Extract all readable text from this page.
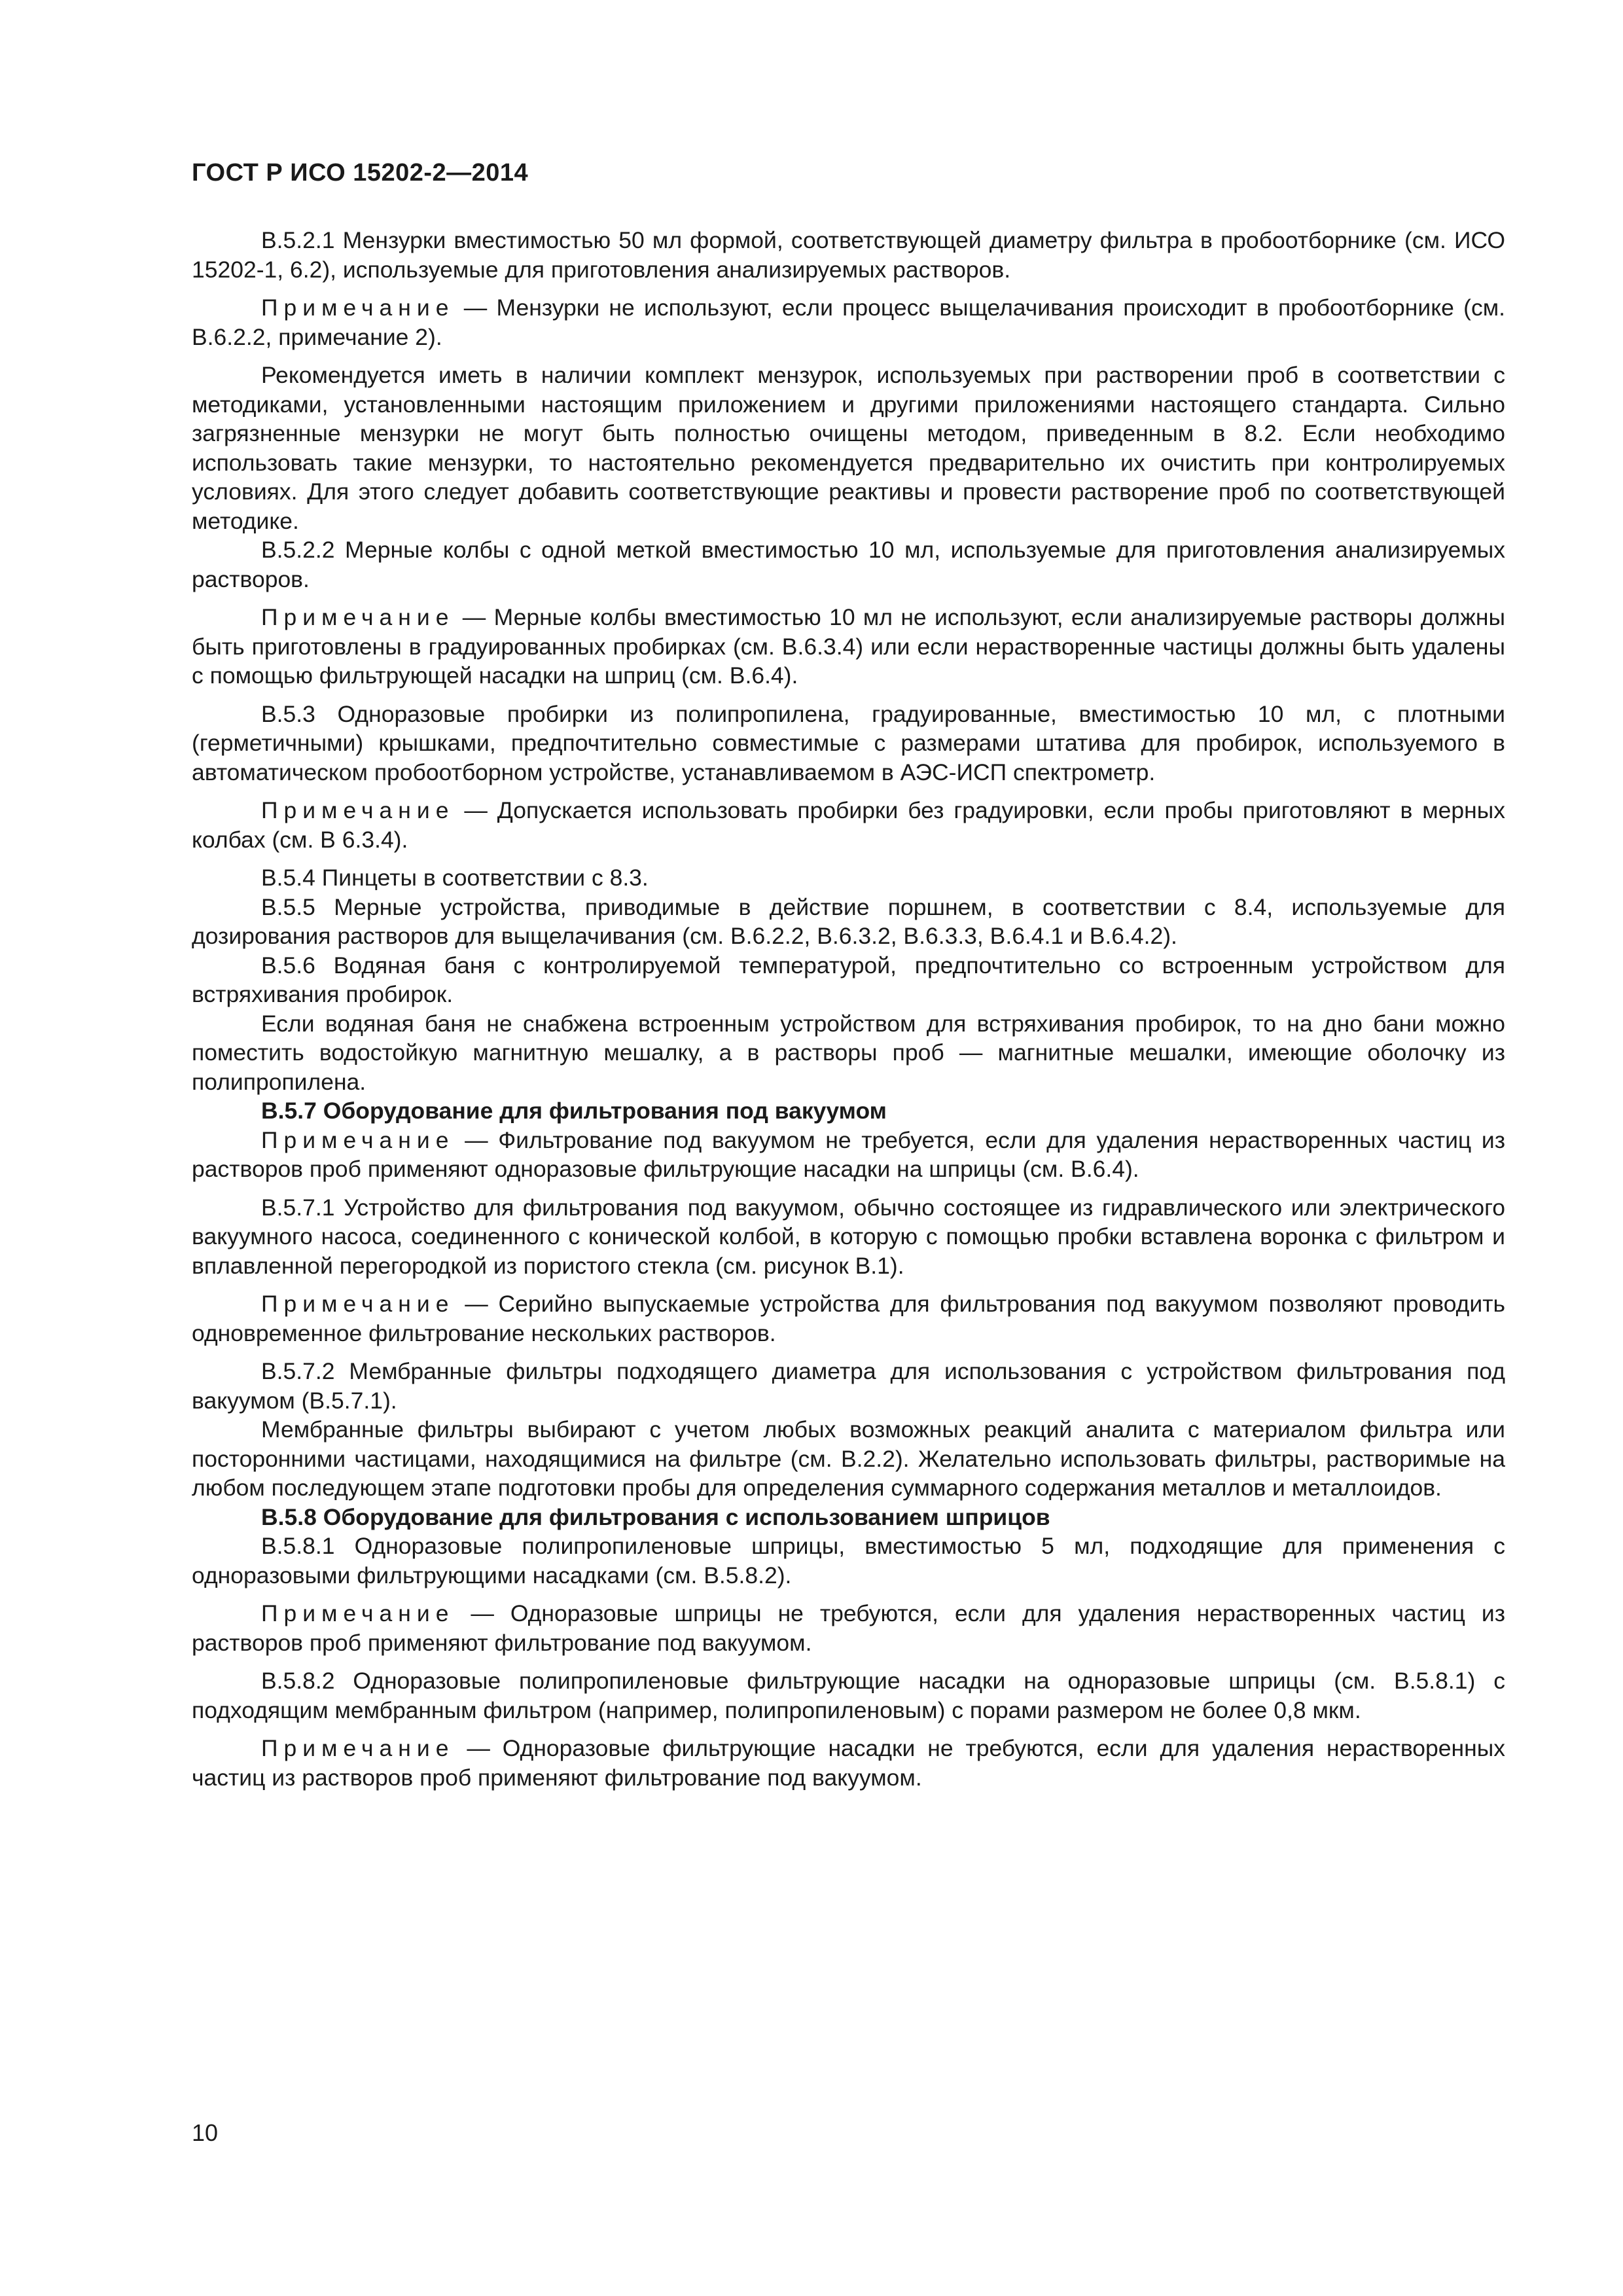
ГОСТ Р ИСО 15202-2—2014

В.5.2.1 Мензурки вместимостью 50 мл формой, соответствующей диаметру фильтра в пробоотборнике (см. ИСО 15202-1, 6.2), используемые для приготовления анализируемых растворов.

Примечание — Мензурки не используют, если процесс выщелачивания происходит в пробоотборнике (см. В.6.2.2, примечание 2).

Рекомендуется иметь в наличии комплект мензурок, используемых при растворении проб в соответствии с методиками, установленными настоящим приложением и другими приложениями настоящего стандарта. Сильно загрязненные мензурки не могут быть полностью очищены методом, приведенным в 8.2. Если необходимо использовать такие мензурки, то настоятельно рекомендуется предварительно их очистить при контролируемых условиях. Для этого следует добавить соответствующие реактивы и провести растворение проб по соответствующей методике.

В.5.2.2 Мерные колбы с одной меткой вместимостью 10 мл, используемые для приготовления анализируемых растворов.

Примечание — Мерные колбы вместимостью 10 мл не используют, если анализируемые растворы должны быть приготовлены в градуированных пробирках (см. В.6.3.4) или если нерастворенные частицы должны быть удалены с помощью фильтрующей насадки на шприц (см. В.6.4).

В.5.3 Одноразовые пробирки из полипропилена, градуированные, вместимостью 10 мл, с плотными (герметичными) крышками, предпочтительно совместимые с размерами штатива для пробирок, используемого в автоматическом пробоотборном устройстве, устанавливаемом в АЭС-ИСП спектрометр.

Примечание — Допускается использовать пробирки без градуировки, если пробы приготовляют в мерных колбах (см. В 6.3.4).

В.5.4 Пинцеты в соответствии с 8.3.

В.5.5 Мерные устройства, приводимые в действие поршнем, в соответствии с 8.4, используемые для дозирования растворов для выщелачивания (см. В.6.2.2, В.6.3.2, В.6.3.3, В.6.4.1 и В.6.4.2).

В.5.6 Водяная баня с контролируемой температурой, предпочтительно со встроенным устройством для встряхивания пробирок.

Если водяная баня не снабжена встроенным устройством для встряхивания пробирок, то на дно бани можно поместить водостойкую магнитную мешалку, а в растворы проб — магнитные мешалки, имеющие оболочку из полипропилена.

В.5.7 Оборудование для фильтрования под вакуумом

Примечание — Фильтрование под вакуумом не требуется, если для удаления нерастворенных частиц из растворов проб применяют одноразовые фильтрующие насадки на шприцы (см. В.6.4).

В.5.7.1 Устройство для фильтрования под вакуумом, обычно состоящее из гидравлического или электрического вакуумного насоса, соединенного с конической колбой, в которую с помощью пробки вставлена воронка с фильтром и вплавленной перегородкой из пористого стекла (см. рисунок В.1).

Примечание — Серийно выпускаемые устройства для фильтрования под вакуумом позволяют проводить одновременное фильтрование нескольких растворов.

В.5.7.2 Мембранные фильтры подходящего диаметра для использования с устройством фильтрования под вакуумом (В.5.7.1).

Мембранные фильтры выбирают с учетом любых возможных реакций аналита с материалом фильтра или посторонними частицами, находящимися на фильтре (см. В.2.2). Желательно использовать фильтры, растворимые на любом последующем этапе подготовки пробы для определения суммарного содержания металлов и металлоидов.

В.5.8 Оборудование для фильтрования с использованием шприцов

В.5.8.1 Одноразовые полипропиленовые шприцы, вместимостью 5 мл, подходящие для применения с одноразовыми фильтрующими насадками (см. В.5.8.2).

Примечание — Одноразовые шприцы не требуются, если для удаления нерастворенных частиц из растворов проб применяют фильтрование под вакуумом.

В.5.8.2 Одноразовые полипропиленовые фильтрующие насадки на одноразовые шприцы (см. В.5.8.1) с подходящим мембранным фильтром (например, полипропиленовым) с порами размером не более 0,8 мкм.

Примечание — Одноразовые фильтрующие насадки не требуются, если для удаления нерастворенных частиц из растворов проб применяют фильтрование под вакуумом.

10
